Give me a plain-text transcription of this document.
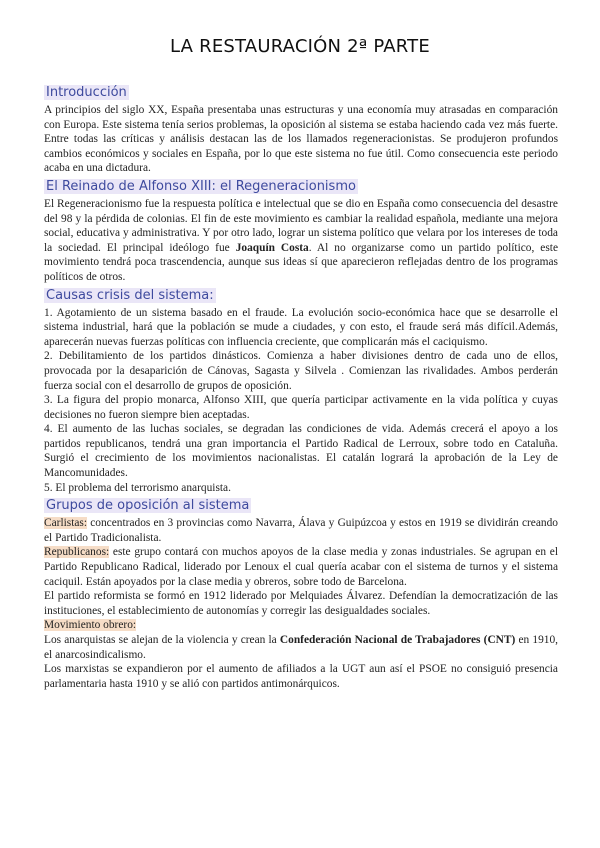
LA RESTAURACIÓN 2ª PARTE
Introducción

A principios del siglo XX, España presentaba unas estructuras y una economía muy atrasadas en comparación con Europa. Este sistema tenía serios problemas, la oposición al sistema se estaba haciendo cada vez más fuerte. Entre todas las críticas y análisis destacan las de los llamados regeneracionistas. Se produjeron profundos cambios económicos y sociales en España, por lo que este sistema no fue útil. Como consecuencia este periodo acaba en una dictadura.

El Reinado de Alfonso XIII: el Regeneracionismo

El Regeneracionismo fue la respuesta política e intelectual que se dio en España como consecuencia del desastre del 98 y la pérdida de colonias. El fin de este movimiento es cambiar la realidad española, mediante una mejora social, educativa y administrativa. Y por otro lado, lograr un sistema político que velara por los intereses de toda la sociedad. El principal ideólogo fue Joaquín Costa. Al no organizarse como un partido político, este movimiento tendrá poca trascendencia, aunque sus ideas sí que aparecieron reflejadas dentro de los programas políticos de otros.

Causas crisis del sistema:

1. Agotamiento de un sistema basado en el fraude. La evolución socio-económica hace que se desarrolle el sistema industrial, hará que la población se mude a ciudades, y con esto, el fraude será más difícil.Además, aparecerán nuevas fuerzas políticas con influencia creciente, que complicarán más el caciquismo.

2. Debilitamiento de los partidos dinásticos. Comienza a haber divisiones dentro de cada uno de ellos, provocada por la desaparición de Cánovas, Sagasta y Silvela . Comienzan las rivalidades. Ambos perderán fuerza social con el desarrollo de grupos de oposición.

3. La figura del propio monarca, Alfonso XIII, que quería participar activamente en la vida política y cuyas decisiones no fueron siempre bien aceptadas.

4. El aumento de las luchas sociales, se degradan las condiciones de vida. Además crecerá el apoyo a los partidos republicanos, tendrá una gran importancia el Partido Radical de Lerroux, sobre todo en Cataluña. Surgió el crecimiento de los movimientos nacionalistas. El catalán logrará la aprobación de la Ley de Mancomunidades.

5. El problema del terrorismo anarquista.

Grupos de oposición al sistema

Carlistas: concentrados en 3 provincias como Navarra, Álava y Guipúzcoa y estos en 1919 se dividirán creando el Partido Tradicionalista.

Republicanos: este grupo contará con muchos apoyos de la clase media y zonas industriales. Se agrupan en el Partido Republicano Radical, liderado por Lenoux el cual quería acabar con el sistema de turnos y el sistema caciquil. Están apoyados por la clase media y obreros, sobre todo de Barcelona.

El partido reformista se formó en 1912 liderado por Melquiades Álvarez. Defendían la democratización de las instituciones, el establecimiento de autonomías y corregir las desigualdades sociales.

Movimiento obrero:

Los anarquistas se alejan de la violencia y crean la Confederación Nacional de Trabajadores (CNT) en 1910, el anarcosindicalismo.

Los marxistas se expandieron por el aumento de afiliados a la UGT aun así el PSOE no consiguió presencia parlamentaria hasta 1910 y se alió con partidos antimonárquicos.
